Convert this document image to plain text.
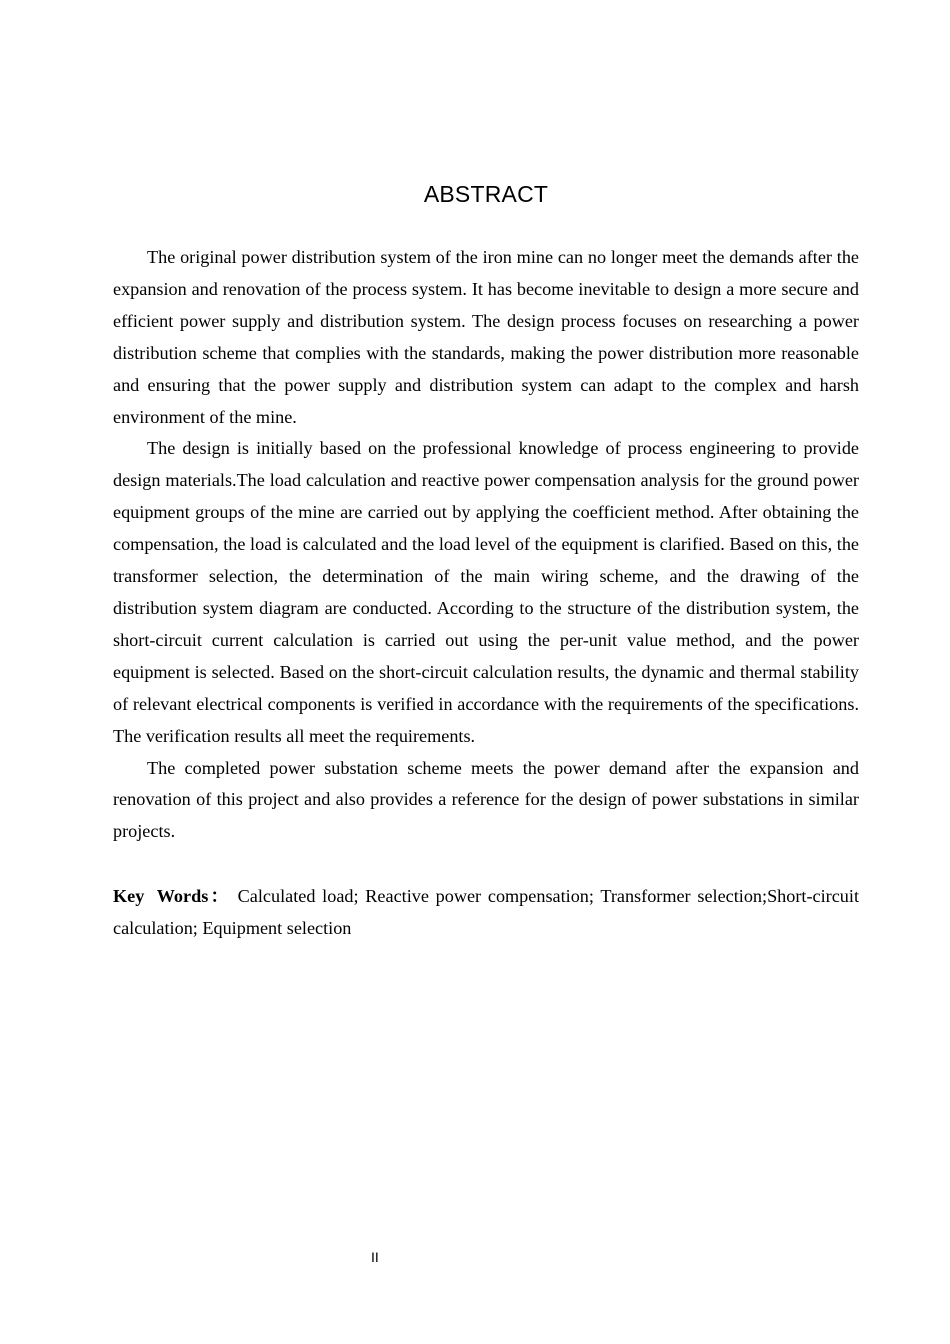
ABSTRACT

The original power distribution system of the iron mine can no longer meet the demands after the expansion and renovation of the process system. It has become inevitable to design a more secure and efficient power supply and distribution system. The design process focuses on researching a power distribution scheme that complies with the standards, making the power distribution more reasonable and ensuring that the power supply and distribution system can adapt to the complex and harsh environment of the mine.

The design is initially based on the professional knowledge of process engineering to provide design materials.The load calculation and reactive power compensation analysis for the ground power equipment groups of the mine are carried out by applying the coefficient method. After obtaining the compensation, the load is calculated and the load level of the equipment is clarified. Based on this, the transformer selection, the determination of the main wiring scheme, and the drawing of the distribution system diagram are conducted. According to the structure of the distribution system, the short-circuit current calculation is carried out using the per-unit value method, and the power equipment is selected. Based on the short-circuit calculation results, the dynamic and thermal stability of relevant electrical components is verified in accordance with the requirements of the specifications. The verification results all meet the requirements.

The completed power substation scheme meets the power demand after the expansion and renovation of this project and also provides a reference for the design of power substations in similar projects.

Key Words： Calculated load; Reactive power compensation; Transformer selection;Short-circuit calculation; Equipment selection

II
